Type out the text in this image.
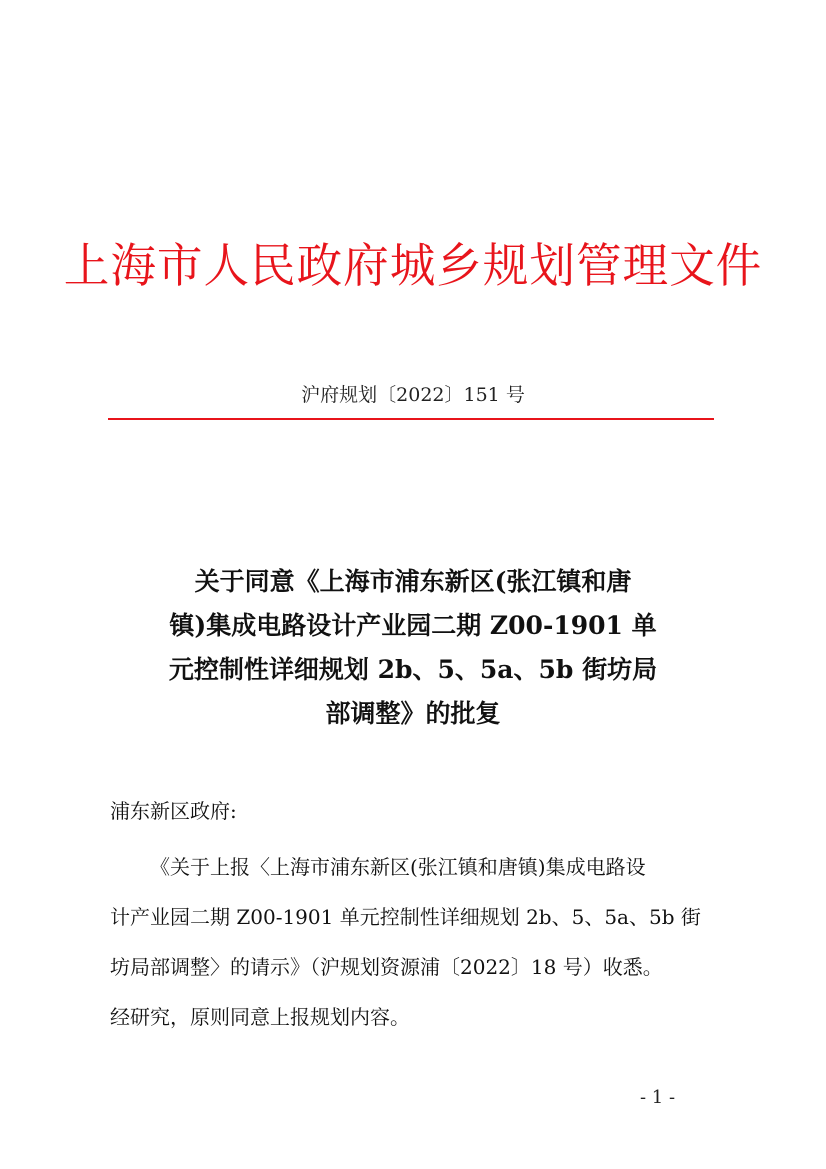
上海市人民政府城乡规划管理文件
沪府规划〔2022〕151 号
关于同意《上海市浦东新区(张江镇和唐
镇)集成电路设计产业园二期 Z00-1901 单
元控制性详细规划 2b、5、5a、5b 街坊局
部调整》的批复
浦东新区政府:
《关于上报〈上海市浦东新区(张江镇和唐镇)集成电路设
计产业园二期 Z00-1901 单元控制性详细规划 2b、5、5a、5b 街
坊局部调整〉的请示》（沪规划资源浦〔2022〕18 号）收悉。
经研究，原则同意上报规划内容。
- 1 -
